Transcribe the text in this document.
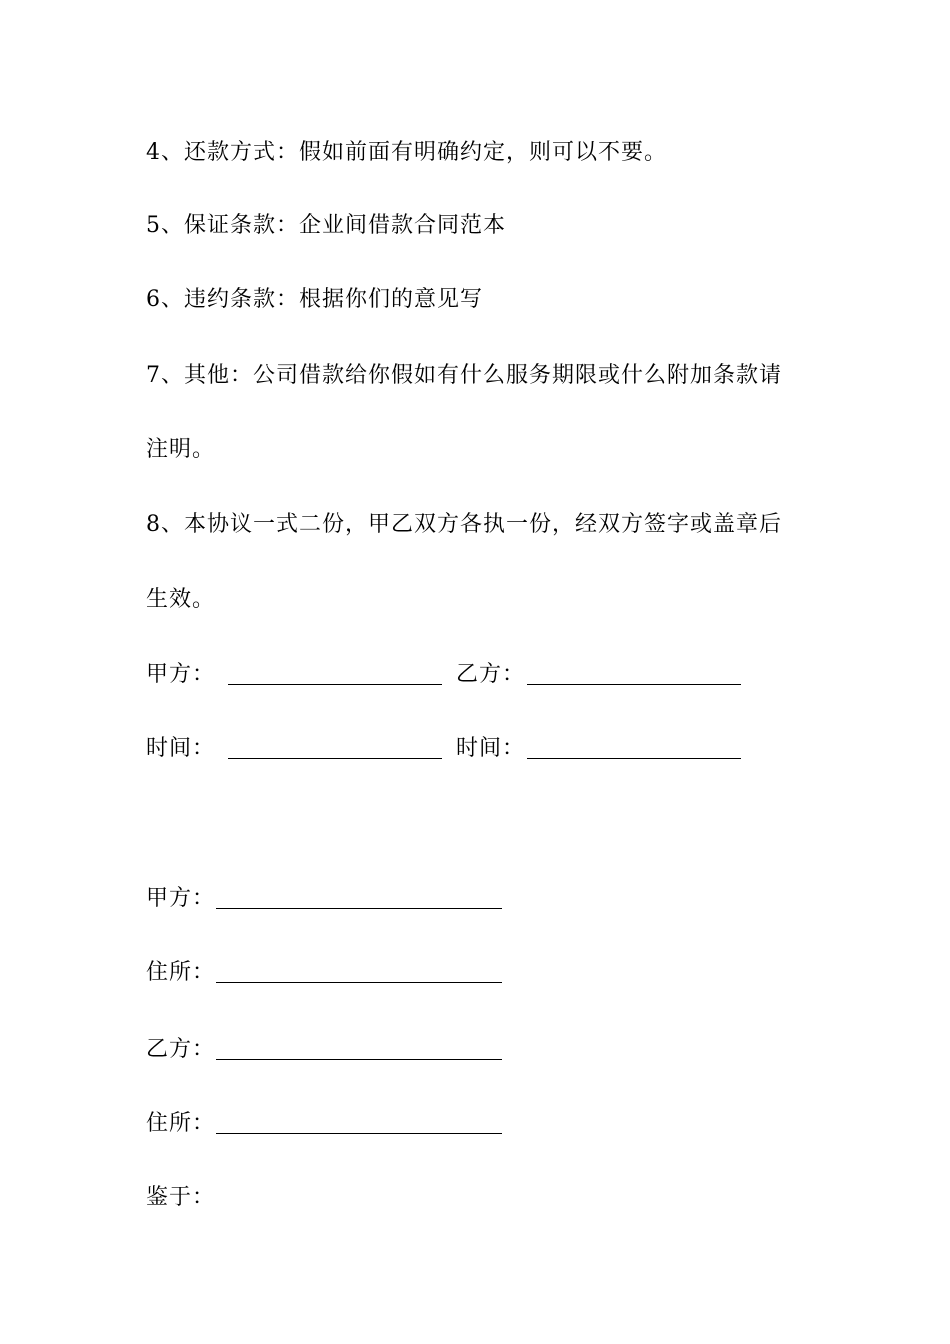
4、还款方式：假如前面有明确约定，则可以不要。
5、保证条款：企业间借款合同范本
6、违约条款：根据你们的意见写
7、其他：公司借款给你假如有什么服务期限或什么附加条款请
注明。
8、本协议一式二份，甲乙双方各执一份，经双方签字或盖章后
生效。
甲方：	乙方：
时间：	时间：
甲方：
住所：
乙方：
住所：
鉴于：
